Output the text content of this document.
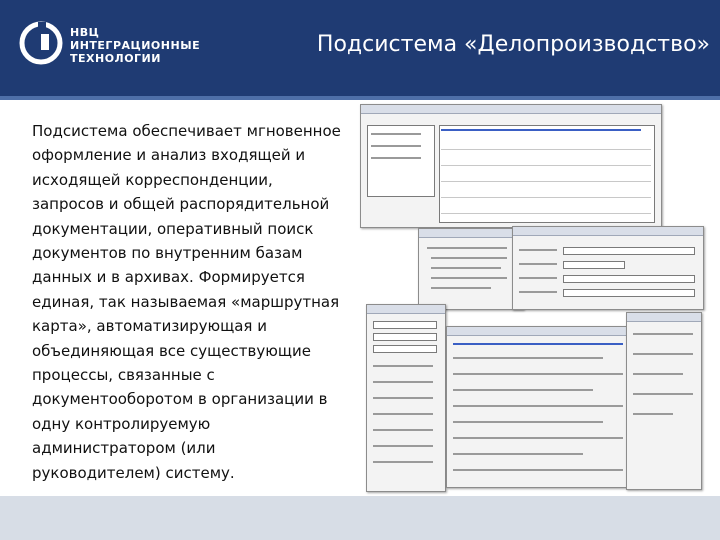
НВЦ
ИНТЕГРАЦИОННЫЕ
ТЕХНОЛОГИИ
Подсистема «Делопроизводство»
Подсистема обеспечивает мгновенное
оформление и анализ входящей и
исходящей корреспонденции,
запросов и общей распорядительной
документации, оперативный поиск
документов по внутренним базам
данных и в архивах. Формируется
единая, так называемая «маршрутная
карта», автоматизирующая и
объединяющая все существующие
процессы, связанные с
документооборотом в организации в
одну контролируемую
администратором (или
руководителем) систему.
